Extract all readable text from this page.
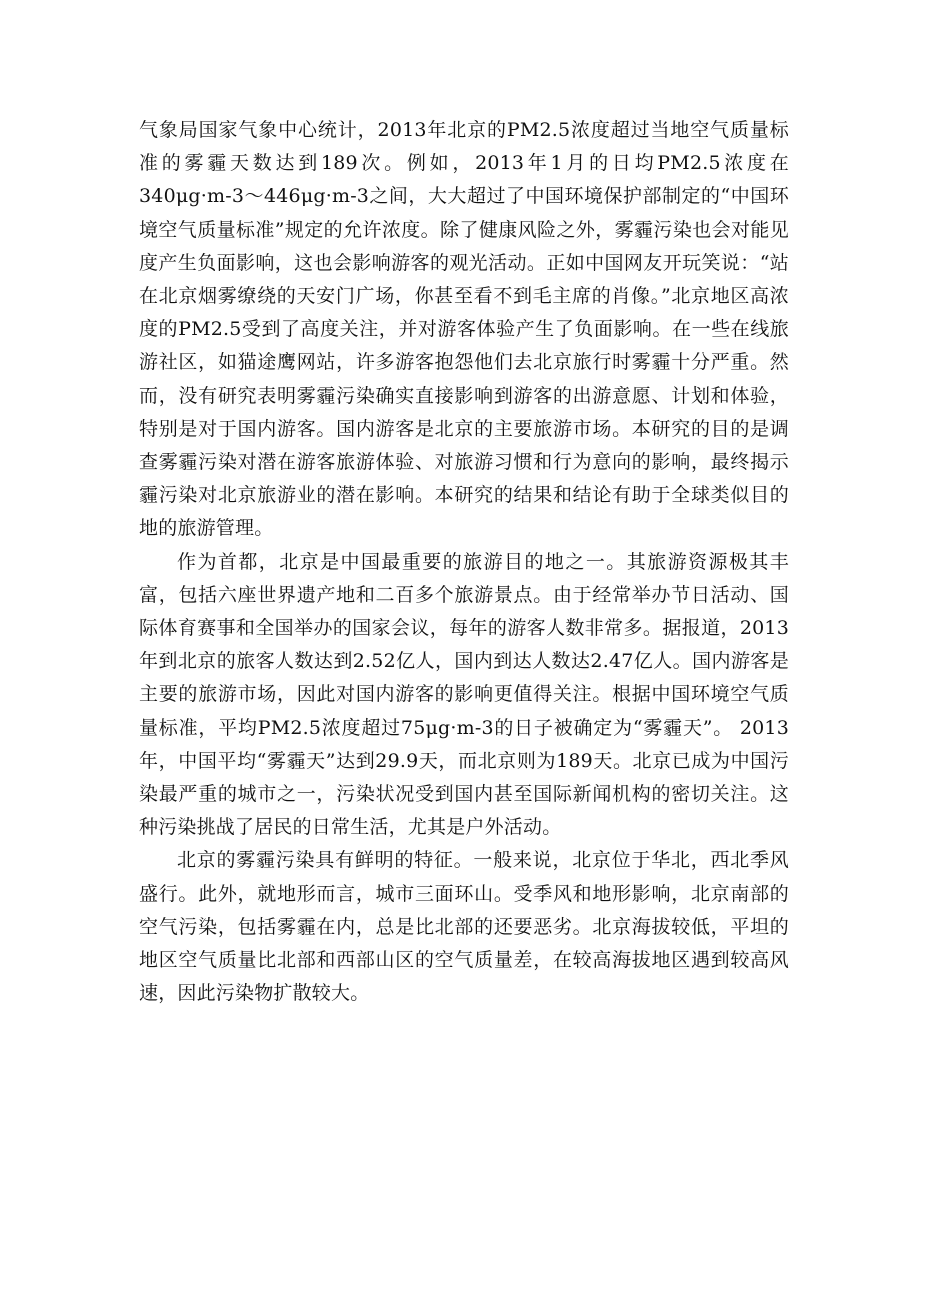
气象局国家气象中心统计，2013年北京的PM2.5浓度超过当地空气质量标准的雾霾天数达到189次。例如，2013年1月的日均PM2.5浓度在340μg·m-3～446μg·m-3之间，大大超过了中国环境保护部制定的“中国环境空气质量标准”规定的允许浓度。除了健康风险之外，雾霾污染也会对能见度产生负面影响，这也会影响游客的观光活动。正如中国网友开玩笑说：“站在北京烟雾缭绕的天安门广场，你甚至看不到毛主席的肖像。”北京地区高浓度的PM2.5受到了高度关注，并对游客体验产生了负面影响。在一些在线旅游社区，如猫途鹰网站，许多游客抱怨他们去北京旅行时雾霾十分严重。然而，没有研究表明雾霾污染确实直接影响到游客的出游意愿、计划和体验，特别是对于国内游客。国内游客是北京的主要旅游市场。本研究的目的是调查雾霾污染对潜在游客旅游体验、对旅游习惯和行为意向的影响，最终揭示霾污染对北京旅游业的潜在影响。本研究的结果和结论有助于全球类似目的地的旅游管理。

作为首都，北京是中国最重要的旅游目的地之一。其旅游资源极其丰富，包括六座世界遗产地和二百多个旅游景点。由于经常举办节日活动、国际体育赛事和全国举办的国家会议，每年的游客人数非常多。据报道，2013年到北京的旅客人数达到2.52亿人，国内到达人数达2.47亿人。国内游客是主要的旅游市场，因此对国内游客的影响更值得关注。根据中国环境空气质量标准，平均PM2.5浓度超过75μg·m-3的日子被确定为“雾霾天”。 2013年，中国平均“雾霾天”达到29.9天，而北京则为189天。北京已成为中国污染最严重的城市之一，污染状况受到国内甚至国际新闻机构的密切关注。这种污染挑战了居民的日常生活，尤其是户外活动。

北京的雾霾污染具有鲜明的特征。一般来说，北京位于华北，西北季风盛行。此外，就地形而言，城市三面环山。受季风和地形影响，北京南部的空气污染，包括雾霾在内，总是比北部的还要恶劣。北京海拔较低，平坦的地区空气质量比北部和西部山区的空气质量差，在较高海拔地区遇到较高风速，因此污染物扩散较大。
